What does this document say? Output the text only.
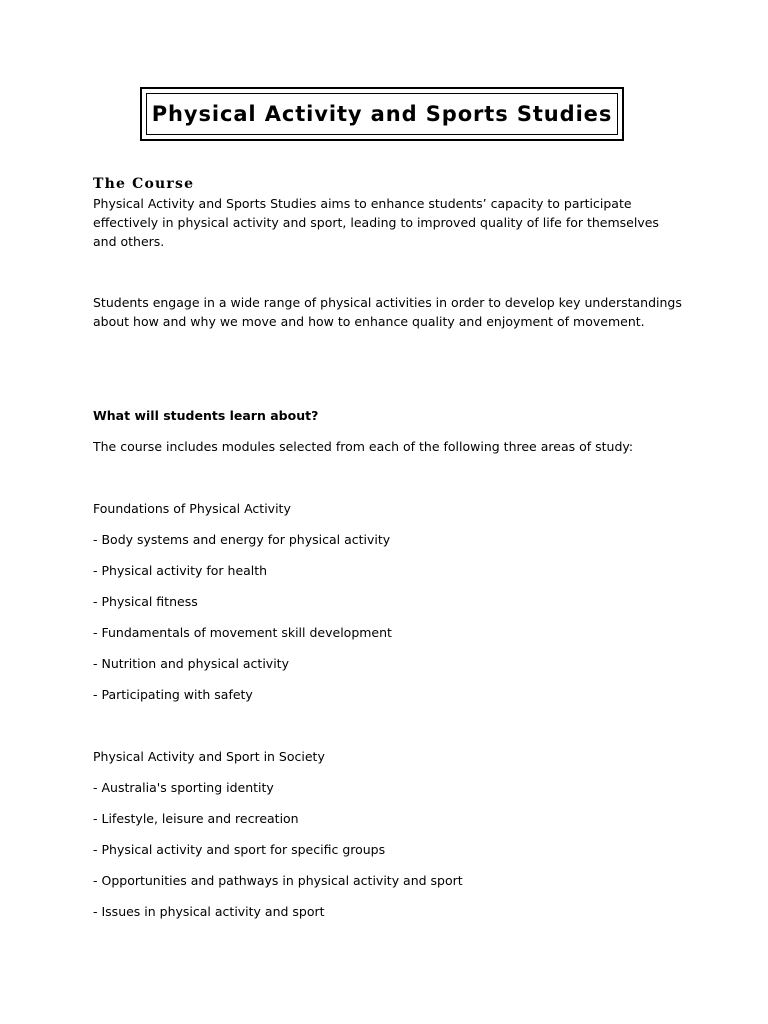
Physical Activity and Sports Studies

The Course

Physical Activity and Sports Studies aims to enhance students’ capacity to participate effectively in physical activity and sport, leading to improved quality of life for themselves and others.

Students engage in a wide range of physical activities in order to develop key understandings about how and why we move and how to enhance quality and enjoyment of movement.

What will students learn about?

The course includes modules selected from each of the following three areas of study:

Foundations of Physical Activity

- Body systems and energy for physical activity
- Physical activity for health
- Physical fitness
- Fundamentals of movement skill development
- Nutrition and physical activity
- Participating with safety

Physical Activity and Sport in Society

- Australia's sporting identity
- Lifestyle, leisure and recreation
- Physical activity and sport for specific groups
- Opportunities and pathways in physical activity and sport
- Issues in physical activity and sport
